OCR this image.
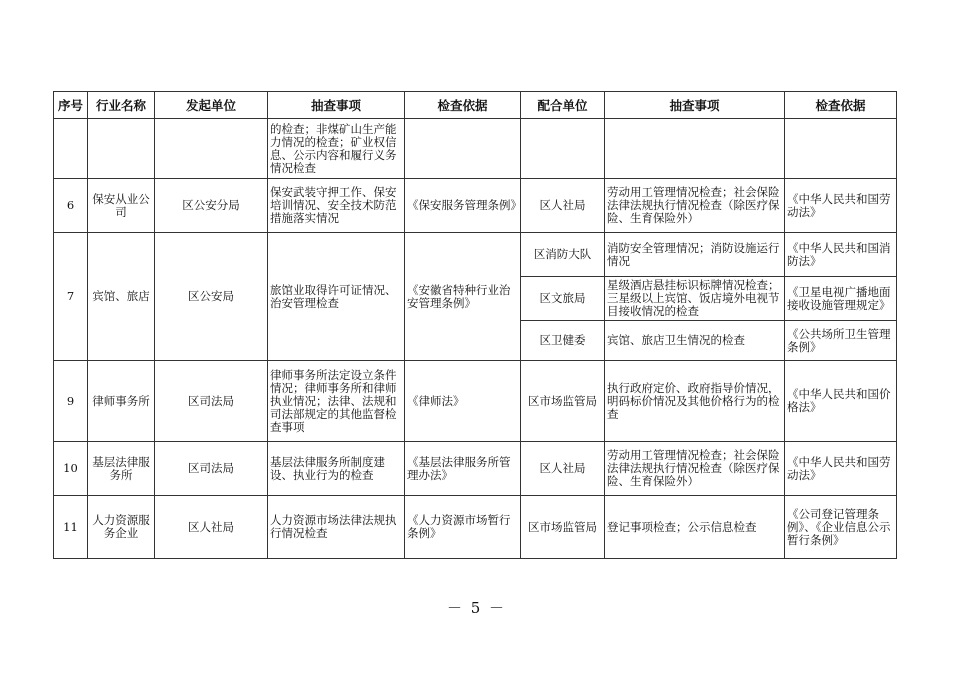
序号	行业名称	发起单位	抽查事项	检查依据	配合单位	抽查事项	检查依据
			的检查；非煤矿山生产能力情况的检查；矿业权信息、公示内容和履行义务情况检查				
6	保安从业公司	区公安分局	保安武装守押工作、保安培训情况、安全技术防范措施落实情况	《保安服务管理条例》	区人社局	劳动用工管理情况检查；社会保险法律法规执行情况检查（除医疗保险、生育保险外）	《中华人民共和国劳动法》
7	宾馆、旅店	区公安局	旅馆业取得许可证情况、治安管理检查	《安徽省特种行业治安管理条例》	区消防大队	消防安全管理情况；消防设施运行情况	《中华人民共和国消防法》
					区文旅局	星级酒店悬挂标识标牌情况检查；三星级以上宾馆、饭店境外电视节目接收情况的检查	《卫星电视广播地面接收设施管理规定》
					区卫健委	宾馆、旅店卫生情况的检查	《公共场所卫生管理条例》
9	律师事务所	区司法局	律师事务所法定设立条件情况；律师事务所和律师执业情况；法律、法规和司法部规定的其他监督检查事项	《律师法》	区市场监管局	执行政府定价、政府指导价情况，明码标价情况及其他价格行为的检查	《中华人民共和国价格法》
10	基层法律服务所	区司法局	基层法律服务所制度建设、执业行为的检查	《基层法律服务所管理办法》	区人社局	劳动用工管理情况检查；社会保险法律法规执行情况检查（除医疗保险、生育保险外）	《中华人民共和国劳动法》
11	人力资源服务企业	区人社局	人力资源市场法律法规执行情况检查	《人力资源市场暂行条例》	区市场监管局	登记事项检查；公示信息检查	《公司登记管理条例》、《企业信息公示暂行条例》
－ 5 －
